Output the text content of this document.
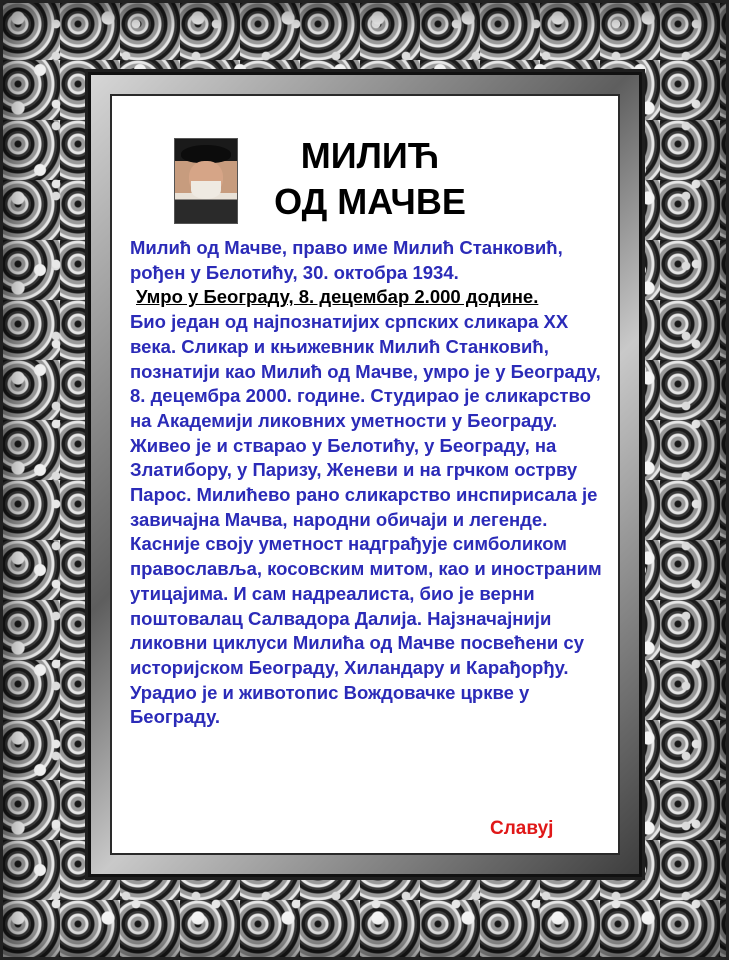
МИЛИЋ
ОД МАЧВЕ

Милић од Мачве, право име Милић Станковић, рођен у Белотићу, 30. октобра 1934.

Умро у Београду, 8. децембар 2.000 додине.

Био један од најпознатијих српских сликара XX века. Сликар и књижевник Милић Станковић, познатији као Милић од Мачве, умро је у Београду, 8. децембра 2000. године. Студирао је сликарство на Академији ликовних уметности у Београду. Живео је и стварао у Белотићу, у Београду, на Златибору, у Паризу, Женеви и на грчком острву Парос. Милићево рано сликарство инспирисала је завичајна Мачва, народни обичаји и легенде. Касније своју уметност надграђује симболиком православља, косовским митом, као и иностраним утицајима. И сам надреалиста, био је верни поштовалац Салвадора Далија. Најзначајнији ликовни циклуси Милића од Мачве посвећени су историјском Београду, Хиландару и Карађорђу. Урадио је и животопис Вождовачке цркве у Београду.

Славуј
